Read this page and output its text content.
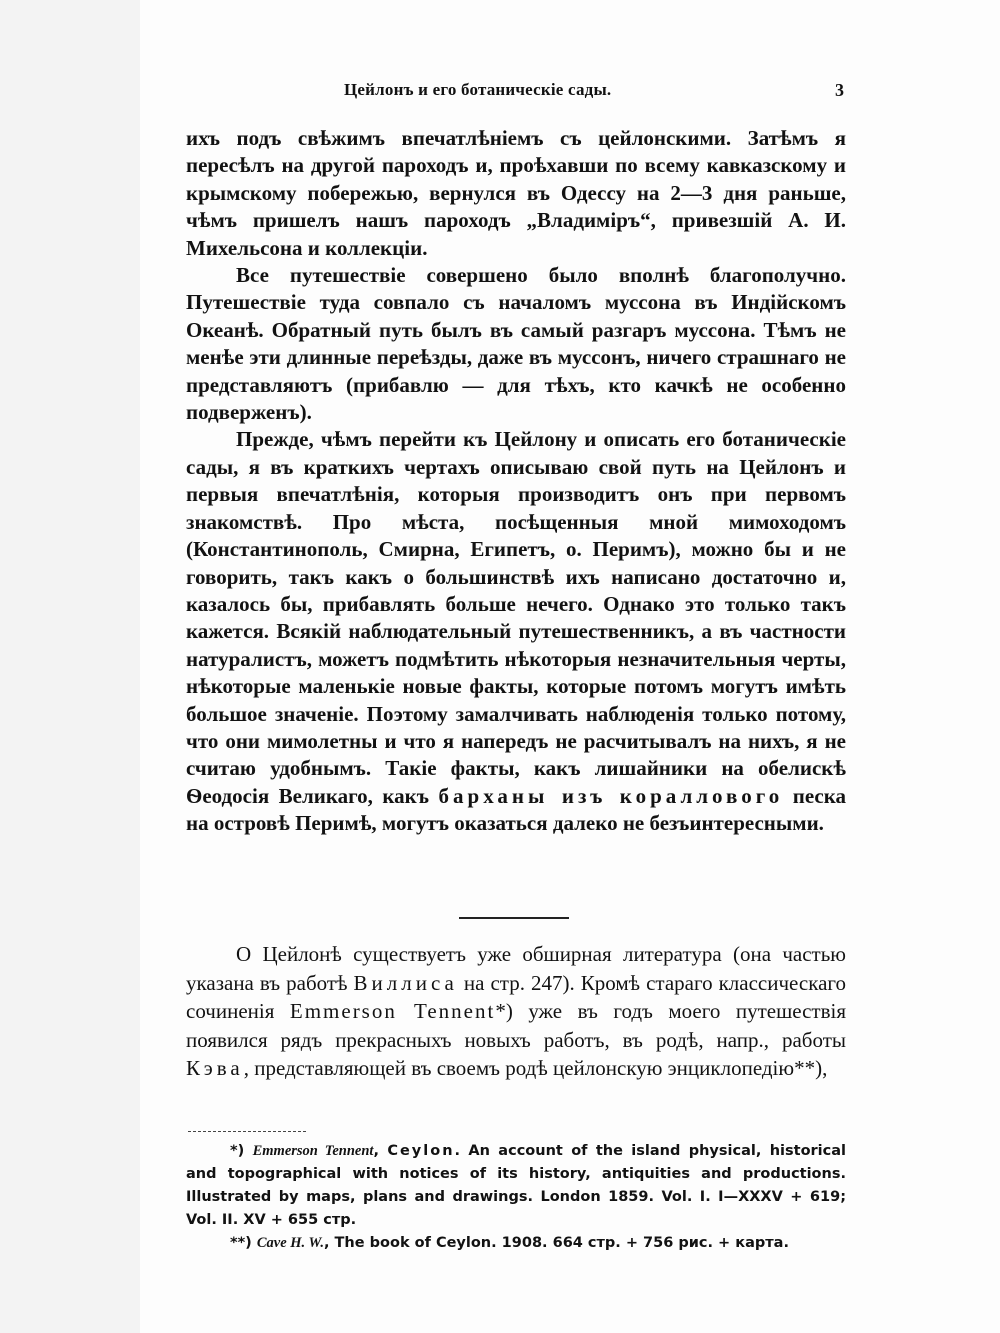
Цейлонъ и его ботаническіе сады.	3

ихъ подъ свѣжимъ впечатлѣніемъ съ цейлонскими. Затѣмъ я пересѣлъ на другой пароходъ и, проѣхавши по всему кавказскому и крымскому побережью, вернулся въ Одессу на 2—3 дня раньше, чѣмъ пришелъ нашъ пароходъ „Владиміръ“, привезшій А. И. Михельсона и коллекціи.

Все путешествіе совершено было вполнѣ благополучно. Путешествіе туда совпало съ началомъ муссона въ Индійскомъ Океанѣ. Обратный путь былъ въ самый разгаръ муссона. Тѣмъ не менѣе эти длинные переѣзды, даже въ муссонъ, ничего страшнаго не представляютъ (прибавлю — для тѣхъ, кто качкѣ не особенно подверженъ).

Прежде, чѣмъ перейти къ Цейлону и описать его ботаническіе сады, я въ краткихъ чертахъ описываю свой путь на Цейлонъ и первыя впечатлѣнія, которыя производитъ онъ при первомъ знакомствѣ. Про мѣста, посѣщенныя мной мимоходомъ (Константинополь, Смирна, Египетъ, о. Перимъ), можно бы и не говорить, такъ какъ о большинствѣ ихъ написано достаточно и, казалось бы, прибавлять больше нечего. Однако это только такъ кажется. Всякій наблюдательный путешественникъ, а въ частности натуралистъ, можетъ подмѣтить нѣкоторыя незначительныя черты, нѣкоторые маленькіе новые факты, которые потомъ могутъ имѣть большое значеніе. Поэтому замалчивать наблюденія только потому, что они мимолетны и что я напередъ не расчитывалъ на нихъ, я не считаю удобнымъ. Такіе факты, какъ лишайники на обелискѣ Ѳеодосія Великаго, какъ барханы изъ кораллового песка на островѣ Перимѣ, могутъ оказаться далеко не безъинтересными.

О Цейлонѣ существуетъ уже обширная литература (она частью указана въ работѣ Виллиса на стр. 247). Кромѣ стараго классическаго сочиненія Emmerson Tennent*) уже въ годъ моего путешествія появился рядъ прекрасныхъ новыхъ работъ, въ родѣ, напр., работы Кэва, представляющей въ своемъ родѣ цейлонскую энциклопедію**),

*) Emmerson Tennent, Ceylon. An account of the island physical, historical and topographical with notices of its history, antiquities and productions. Illustrated by maps, plans and drawings. London 1859. Vol. I. I—XXXV + 619; Vol. II. XV + 655 стр.

**) Cave H. W., The book of Ceylon. 1908. 664 стр. + 756 рис. + карта.
